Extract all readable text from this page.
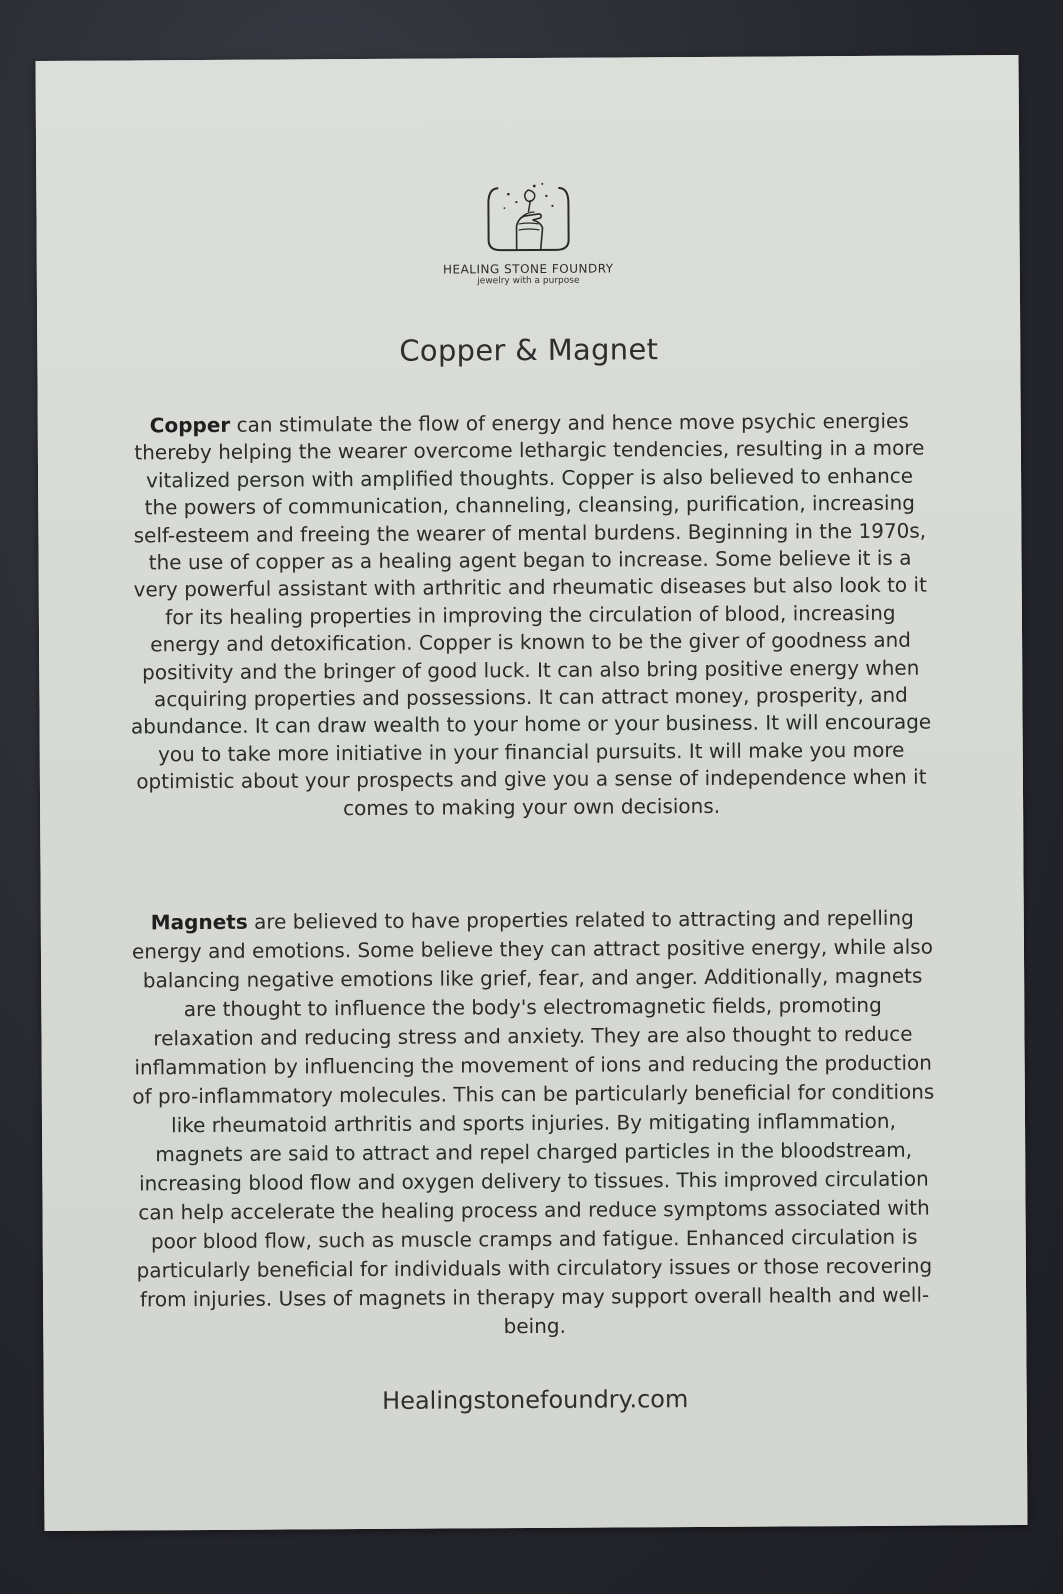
HEALING STONE FOUNDRY
jewelry with a purpose
Copper & Magnet
Copper can stimulate the flow of energy and hence move psychic energies thereby helping the wearer overcome lethargic tendencies, resulting in a more vitalized person with amplified thoughts. Copper is also believed to enhance the powers of communication, channeling, cleansing, purification, increasing self-esteem and freeing the wearer of mental burdens. Beginning in the 1970s, the use of copper as a healing agent began to increase. Some believe it is a very powerful assistant with arthritic and rheumatic diseases but also look to it for its healing properties in improving the circulation of blood, increasing energy and detoxification. Copper is known to be the giver of goodness and positivity and the bringer of good luck. It can also bring positive energy when acquiring properties and possessions. It can attract money, prosperity, and abundance. It can draw wealth to your home or your business. It will encourage you to take more initiative in your financial pursuits. It will make you more optimistic about your prospects and give you a sense of independence when it comes to making your own decisions.
Magnets are believed to have properties related to attracting and repelling energy and emotions. Some believe they can attract positive energy, while also balancing negative emotions like grief, fear, and anger. Additionally, magnets are thought to influence the body's electromagnetic fields, promoting relaxation and reducing stress and anxiety. They are also thought to reduce inflammation by influencing the movement of ions and reducing the production of pro-inflammatory molecules. This can be particularly beneficial for conditions like rheumatoid arthritis and sports injuries. By mitigating inflammation, magnets are said to attract and repel charged particles in the bloodstream, increasing blood flow and oxygen delivery to tissues. This improved circulation can help accelerate the healing process and reduce symptoms associated with poor blood flow, such as muscle cramps and fatigue. Enhanced circulation is particularly beneficial for individuals with circulatory issues or those recovering from injuries. Uses of magnets in therapy may support overall health and well-being.
Healingstonefoundry.com
